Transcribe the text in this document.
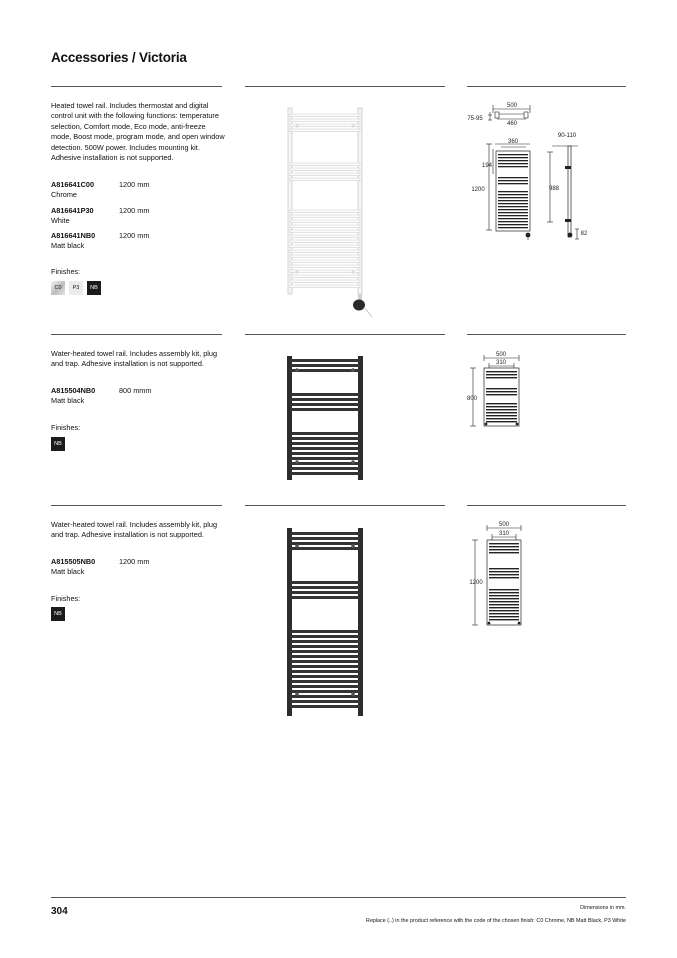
Accessories / Victoria
Heated towel rail. Includes thermostat and digital control unit with the following functions: temperature selection, Comfort mode, Eco mode, anti-freeze mode, Boost mode, program mode, and open window detection. 500W power. Includes mounting kit. Adhesive installation is not supported.
A816641C00	1200 mm
Chrome
A816641P30	1200 mm
White
A816641NB0	1200 mm
Matt black
Finishes:
C0	P3	NB
500
75-95
460
360
90-110
194
1200	988
82
Water-heated towel rail. Includes assembly kit, plug and trap. Adhesive installation is not supported.
A815504NB0	800 mmm
Matt black
Finishes:
NB
500
310
800
Water-heated towel rail. Includes assembly kit, plug and trap. Adhesive installation is not supported.
A815505NB0	1200 mm
Matt black
Finishes:
NB
500
310
1200
304	Dimensions in mm.
Replace (..) in the product reference with the code of the chosen finish: C0 Chrome, NB Matt Black, P3 White
